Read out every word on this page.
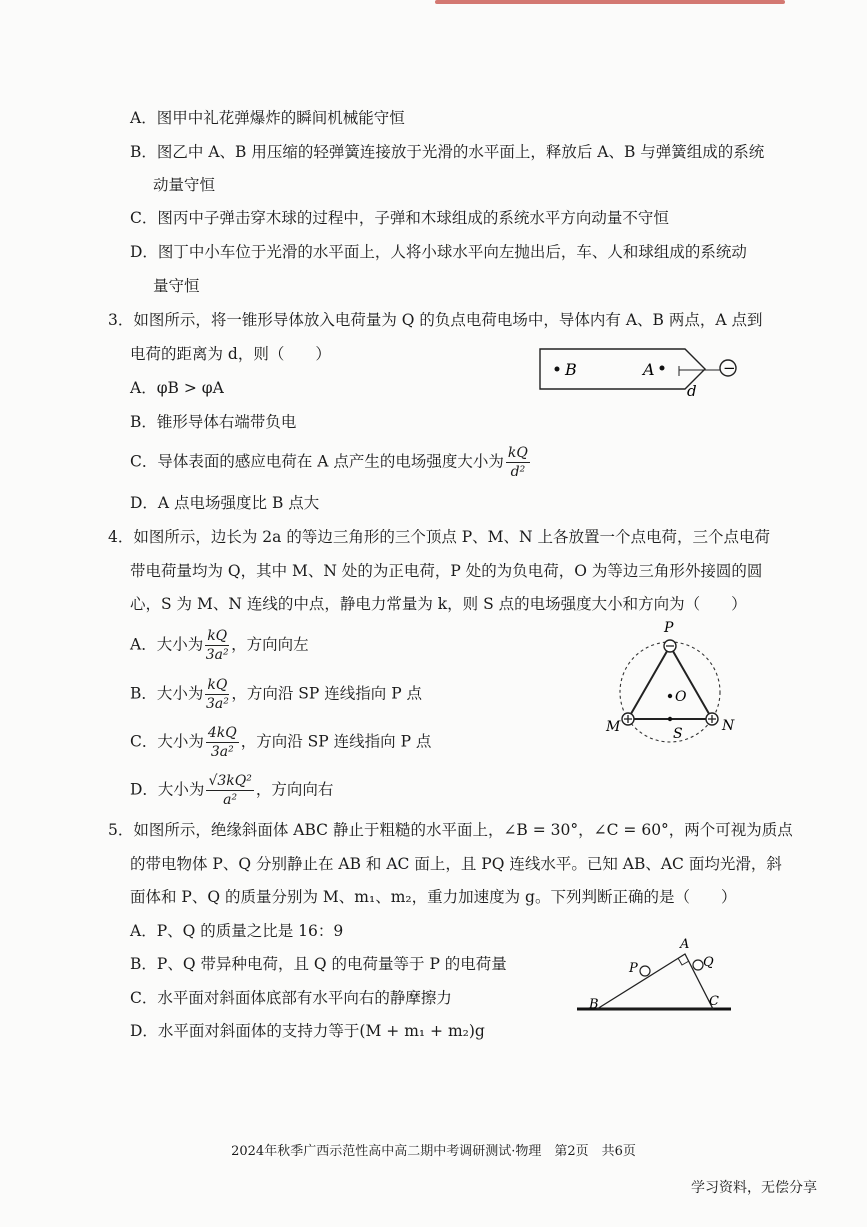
A．图甲中礼花弹爆炸的瞬间机械能守恒
B．图乙中 A、B 用压缩的轻弹簧连接放于光滑的水平面上，释放后 A、B 与弹簧组成的系统
动量守恒
C．图丙中子弹击穿木球的过程中，子弹和木球组成的系统水平方向动量不守恒
D．图丁中小车位于光滑的水平面上，人将小球水平向左抛出后，车、人和球组成的系统动
量守恒
3．如图所示，将一锥形导体放入电荷量为 Q 的负点电荷电场中，导体内有 A、B 两点，A 点到
电荷的距离为 d，则（　　）
A．φB > φA
B．锥形导体右端带负电
C．导体表面的感应电荷在 A 点产生的电场强度大小为 $\frac{kQ}{\text{d²}}$
D．A 点电场强度比 B 点大
B	A
d
−
4．如图所示，边长为 2a 的等边三角形的三个顶点 P、M、N 上各放置一个点电荷，三个点电荷
带电荷量均为 Q，其中 M、N 处的为正电荷，P 处的为负电荷，O 为等边三角形外接圆的圆
心，S 为 M、N 连线的中点，静电力常量为 k，则 S 点的电场强度大小和方向为（　　）
A．大小为 $\frac{kQ}{\text{3a²}}$ ，方向向左
B．大小为 $\frac{kQ}{\text{3a²}}$ ，方向沿 SP 连线指向 P 点
C．大小为 $\frac{4kQ}{\text{3a²}}$ ，方向沿 SP 连线指向 P 点
D．大小为 $\frac{\text{√3kQ²}}{\text{a²}}$ ，方向向右
P
O
M	N
S
5．如图所示，绝缘斜面体 ABC 静止于粗糙的水平面上，∠B = 30°，∠C = 60°，两个可视为质点
的带电物体 P、Q 分别静止在 AB 和 AC 面上，且 PQ 连线水平。已知 AB、AC 面均光滑，斜
面体和 P、Q 的质量分别为 M、m₁、m₂，重力加速度为 g。下列判断正确的是（　　）
A．P、Q 的质量之比是 16：9
B．P、Q 带异种电荷，且 Q 的电荷量等于 P 的电荷量
C．水平面对斜面体底部有水平向右的静摩擦力
D．水平面对斜面体的支持力等于(M + m₁ + m₂)g
A
B	C
P	Q
2024年秋季广西示范性高中高二期中考调研测试·物理　第2页　共6页
学习资料，无偿分享
